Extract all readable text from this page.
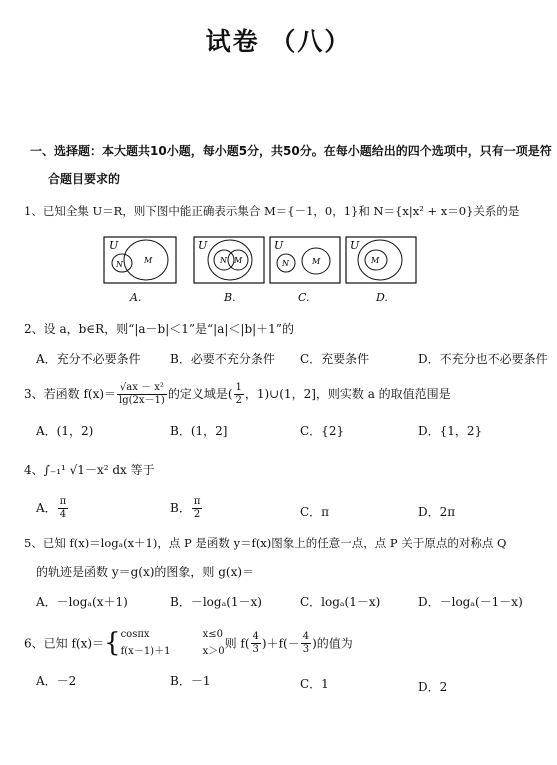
试卷 （八）
一、选择题：本大题共10小题，每小题5分，共50分。在每小题给出的四个选项中，只有一项是符
合题目要求的
1、已知全集 U＝R，则下图中能正确表示集合 M＝{－1，0，1}和 N＝{x|x² + x＝0}关系的是
U
N	M
U
N M
U
N	M
U
M
A.	B.	C.	D.
2、设 a，b∈R，则“|a－b|＜1”是“|a|＜|b|＋1”的
A．充分不必要条件 B．必要不充分条件 C．充要条件	D．不充分也不必要条件
3、若函数 $f(x)= \frac{\text{√ax － x²}}{\lg(2x-1)}$ 的定义域是( $\frac{1}{2}$ ，1)∪(1，2]，则实数 a 的取值范围是
A．(1，2)	B．(1，2]	C．{2}	D．{1，2}
4、∫₋₁¹ √1－x² dx 等于
A． $\frac{\pi}{4}$	B． $\frac{\pi}{2}$	C．π	D．2π
5、已知 f(x)＝logₐ(x＋1)，点 P 是函数 y＝f(x)图象上的任意一点，点 P 关于原点的对称点 Q
的轨迹是函数 y＝g(x)的图象，则 g(x)＝
A．－logₐ(x＋1)	B．－logₐ(1－x)	C．logₐ(1－x)	D．－logₐ(－1－x)
6、已知 f(x)＝{ cosπx	x≤0
f(x－1)＋1	x＞0
则 $f( \frac{4}{3} )+f(- \frac{4}{3}$ )的值为
A．－2	B．－1	C．1	D．2
